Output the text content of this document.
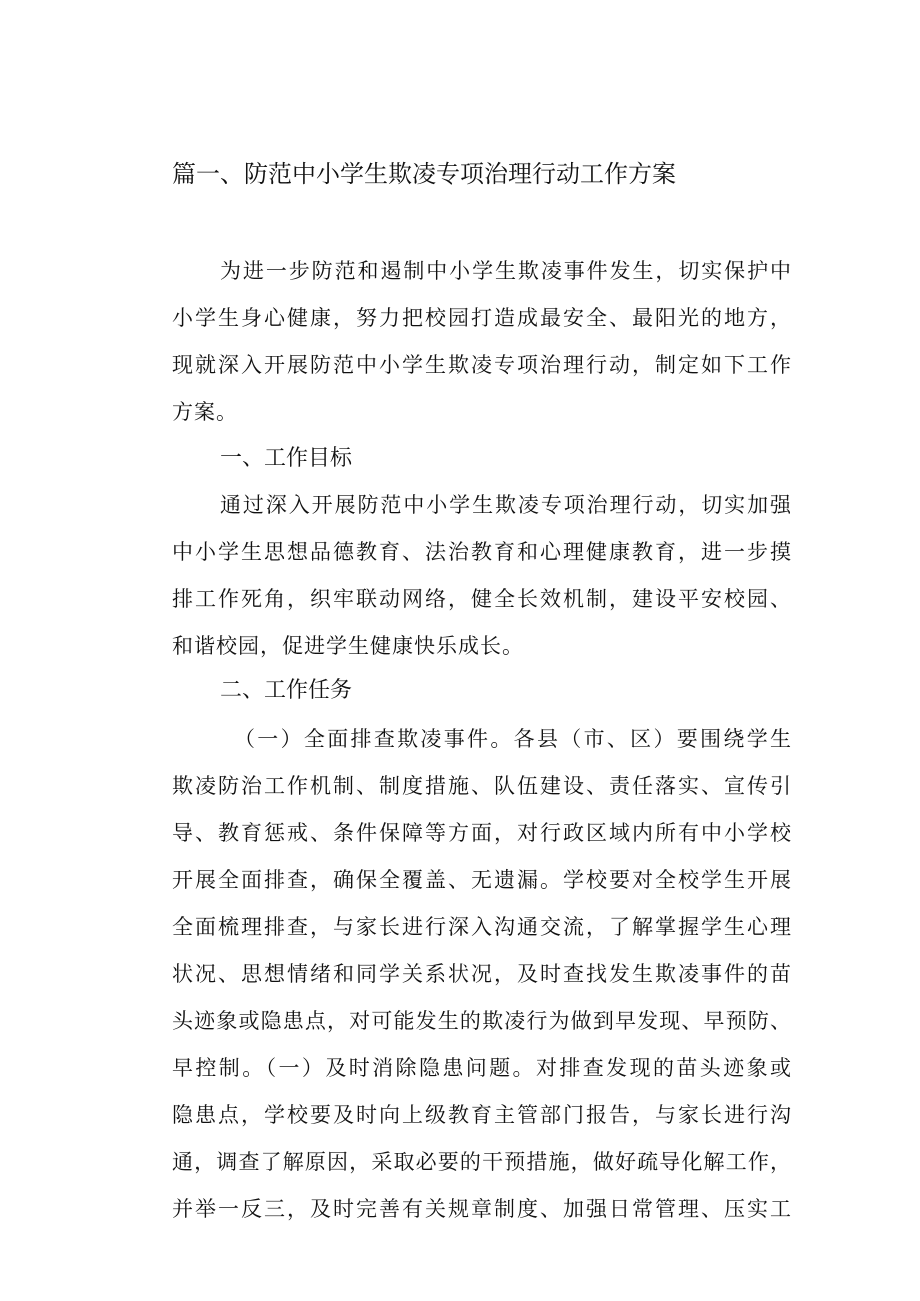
篇一、防范中小学生欺凌专项治理行动工作方案
为进一步防范和遏制中小学生欺凌事件发生，切实保护中
小学生身心健康，努力把校园打造成最安全、最阳光的地方，
现就深入开展防范中小学生欺凌专项治理行动，制定如下工作
方案。
一、工作目标
通过深入开展防范中小学生欺凌专项治理行动，切实加强
中小学生思想品德教育、法治教育和心理健康教育，进一步摸
排工作死角，织牢联动网络，健全长效机制，建设平安校园、
和谐校园，促进学生健康快乐成长。
二、工作任务
（一）全面排查欺凌事件。各县（市、区）要围绕学生
欺凌防治工作机制、制度措施、队伍建设、责任落实、宣传引
导、教育惩戒、条件保障等方面，对行政区域内所有中小学校
开展全面排查，确保全覆盖、无遗漏。学校要对全校学生开展
全面梳理排查，与家长进行深入沟通交流，了解掌握学生心理
状况、思想情绪和同学关系状况，及时查找发生欺凌事件的苗
头迹象或隐患点，对可能发生的欺凌行为做到早发现、早预防、
早控制。（一）及时消除隐患问题。对排查发现的苗头迹象或
隐患点，学校要及时向上级教育主管部门报告，与家长进行沟
通，调查了解原因，采取必要的干预措施，做好疏导化解工作，
并举一反三，及时完善有关规章制度、加强日常管理、压实工
